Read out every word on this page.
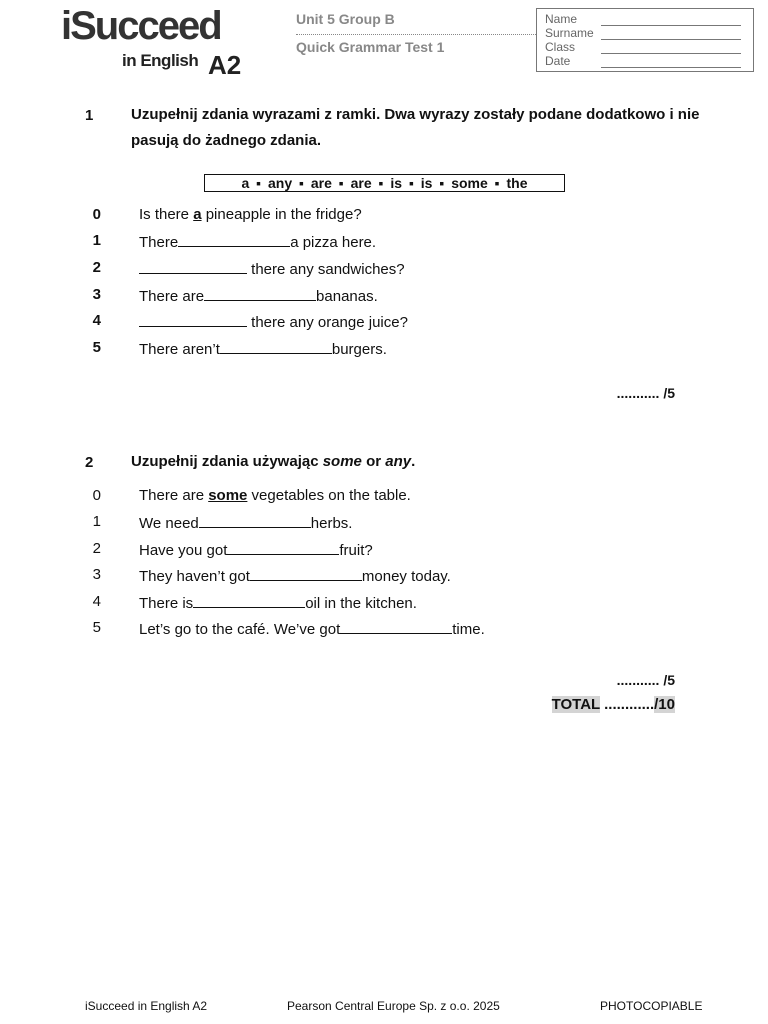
iSucceed
in English A2
Unit 5 Group B
Quick Grammar Test 1
Name
Surname
Class
Date
1	Uzupełnij zdania wyrazami z ramki. Dwa wyrazy zostały podane dodatkowo i nie pasują do żadnego zdania.
a ▪ any ▪ are ▪ are ▪ is ▪ is ▪ some ▪ the
0	Is there a pineapple in the fridge?
1	There	a pizza here.
2	there any sandwiches?
3	There are	bananas.
4	there any orange juice?
5	There aren’t	burgers.
........... /5
2	Uzupełnij zdania używając some or any.
0	There are some vegetables on the table.
1	We need	herbs.
2	Have you got	fruit?
3	They haven’t got	money today.
4	There is	oil in the kitchen.
5	Let’s go to the café. We’ve got	time.
........... /5
TOTAL ............/10
iSucceed in English A2	Pearson Central Europe Sp. z o.o. 2025	PHOTOCOPIABLE
